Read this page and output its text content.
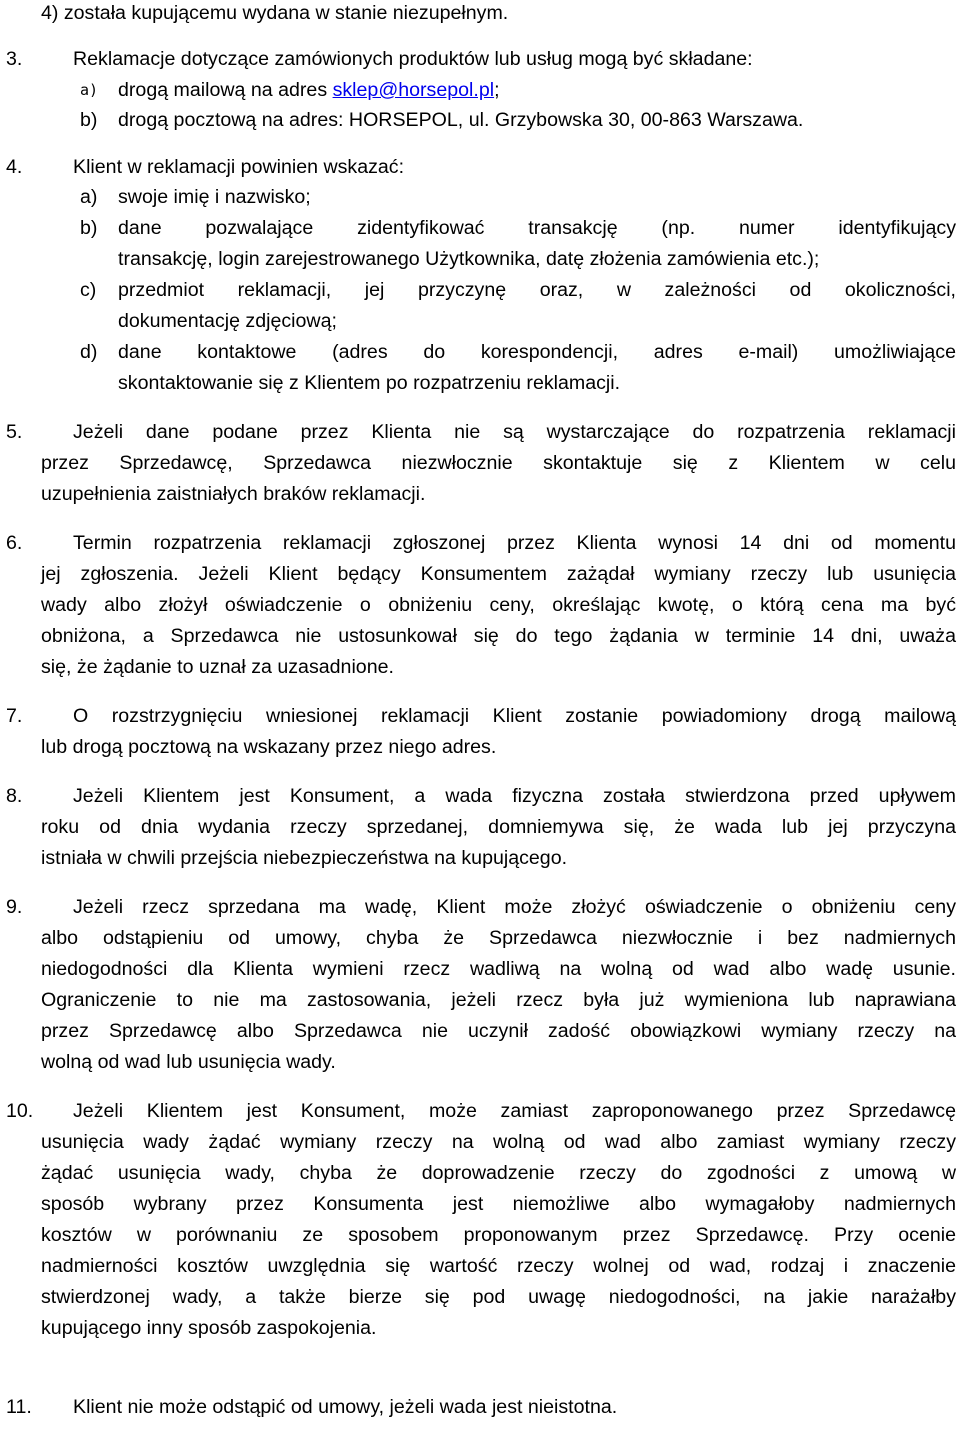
4) została kupującemu wydana w stanie niezupełnym.
3.	Reklamacje dotyczące zamówionych produktów lub usług mogą być składane:
a) drogą mailową na adres sklep@horsepol.pl;
b) drogą pocztową na adres: HORSEPOL, ul. Grzybowska 30, 00-863 Warszawa.
4.	Klient w reklamacji powinien wskazać:
a) swoje imię i nazwisko;
b) dane pozwalające zidentyfikować transakcję (np. numer identyfikujący
transakcję, login zarejestrowanego Użytkownika, datę złożenia zamówienia etc.);
c) przedmiot reklamacji, jej przyczynę oraz, w zależności od okoliczności,
dokumentację zdjęciową;
d) dane kontaktowe (adres do korespondencji, adres e-mail) umożliwiające
skontaktowanie się z Klientem po rozpatrzeniu reklamacji.
5.	Jeżeli dane podane przez Klienta nie są wystarczające do rozpatrzenia reklamacji
przez Sprzedawcę, Sprzedawca niezwłocznie skontaktuje się z Klientem w celu
uzupełnienia zaistniałych braków reklamacji.
6.	Termin rozpatrzenia reklamacji zgłoszonej przez Klienta wynosi 14 dni od momentu
jej zgłoszenia. Jeżeli Klient będący Konsumentem zażądał wymiany rzeczy lub usunięcia
wady albo złożył oświadczenie o obniżeniu ceny, określając kwotę, o którą cena ma być
obniżona, a Sprzedawca nie ustosunkował się do tego żądania w terminie 14 dni, uważa
się, że żądanie to uznał za uzasadnione.
7.	O rozstrzygnięciu wniesionej reklamacji Klient zostanie powiadomiony drogą mailową
lub drogą pocztową na wskazany przez niego adres.
8.	Jeżeli Klientem jest Konsument, a wada fizyczna została stwierdzona przed upływem
roku od dnia wydania rzeczy sprzedanej, domniemywa się, że wada lub jej przyczyna
istniała w chwili przejścia niebezpieczeństwa na kupującego.
9.	Jeżeli rzecz sprzedana ma wadę, Klient może złożyć oświadczenie o obniżeniu ceny
albo odstąpieniu od umowy, chyba że Sprzedawca niezwłocznie i bez nadmiernych
niedogodności dla Klienta wymieni rzecz wadliwą na wolną od wad albo wadę usunie.
Ograniczenie to nie ma zastosowania, jeżeli rzecz była już wymieniona lub naprawiana
przez Sprzedawcę albo Sprzedawca nie uczynił zadość obowiązkowi wymiany rzeczy na
wolną od wad lub usunięcia wady.
10. Jeżeli Klientem jest Konsument, może zamiast zaproponowanego przez Sprzedawcę
usunięcia wady żądać wymiany rzeczy na wolną od wad albo zamiast wymiany rzeczy
żądać usunięcia wady, chyba że doprowadzenie rzeczy do zgodności z umową w
sposób wybrany przez Konsumenta jest niemożliwe albo wymagałoby nadmiernych
kosztów w porównaniu ze sposobem proponowanym przez Sprzedawcę. Przy ocenie
nadmierności kosztów uwzględnia się wartość rzeczy wolnej od wad, rodzaj i znaczenie
stwierdzonej wady, a także bierze się pod uwagę niedogodności, na jakie narażałby
kupującego inny sposób zaspokojenia.
11. Klient nie może odstąpić od umowy, jeżeli wada jest nieistotna.
